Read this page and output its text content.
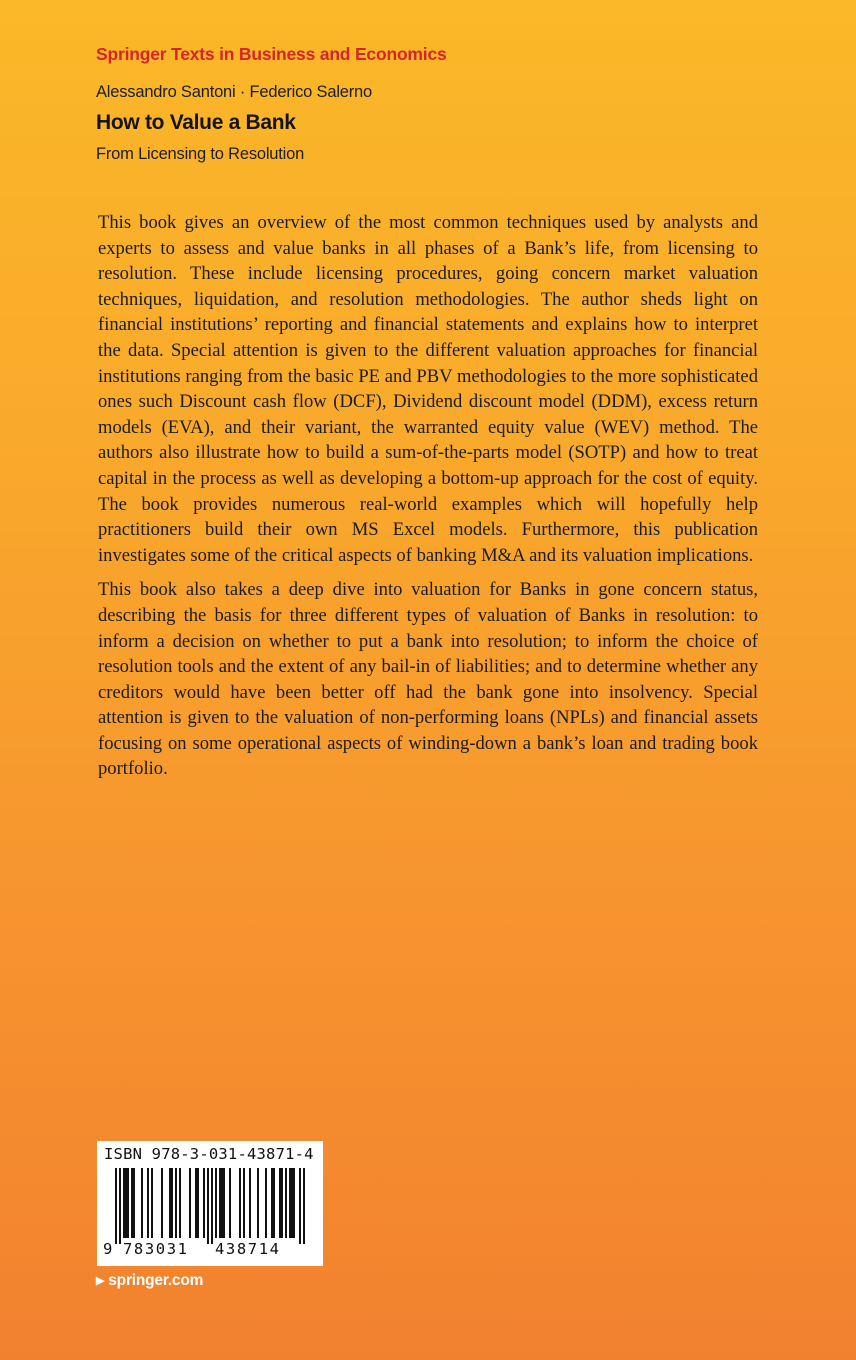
Springer Texts in Business and Economics
Alessandro Santoni · Federico Salerno
How to Value a Bank
From Licensing to Resolution

This book gives an overview of the most common techniques used by analysts and experts to assess and value banks in all phases of a Bank’s life, from licensing to resolution. These include licensing procedures, going concern market valuation techniques, liquidation, and resolution methodologies. The author sheds light on financial institutions’ reporting and financial statements and explains how to interpret the data. Special attention is given to the different valuation approaches for financial institutions ranging from the basic PE and PBV methodologies to the more sophisticated ones such Discount cash flow (DCF), Dividend discount model (DDM), excess return models (EVA), and their variant, the warranted equity value (WEV) method. The authors also illustrate how to build a sum-of-the-parts model (SOTP) and how to treat capital in the process as well as developing a bottom-up approach for the cost of equity. The book provides numerous real-world examples which will hopefully help practitioners build their own MS Excel models. Furthermore, this publication investigates some of the critical aspects of banking M&A and its valuation implications.

This book also takes a deep dive into valuation for Banks in gone concern status, describing the basis for three different types of valuation of Banks in resolution: to inform a decision on whether to put a bank into resolution; to inform the choice of resolution tools and the extent of any bail-in of liabilities; and to determine whether any creditors would have been better off had the bank gone into insolvency. Special attention is given to the valuation of non-performing loans (NPLs) and financial assets focusing on some operational aspects of winding-down a bank’s loan and trading book portfolio.

ISBN 978-3-031-43871-4
9 783031 438714
▶ springer.com
